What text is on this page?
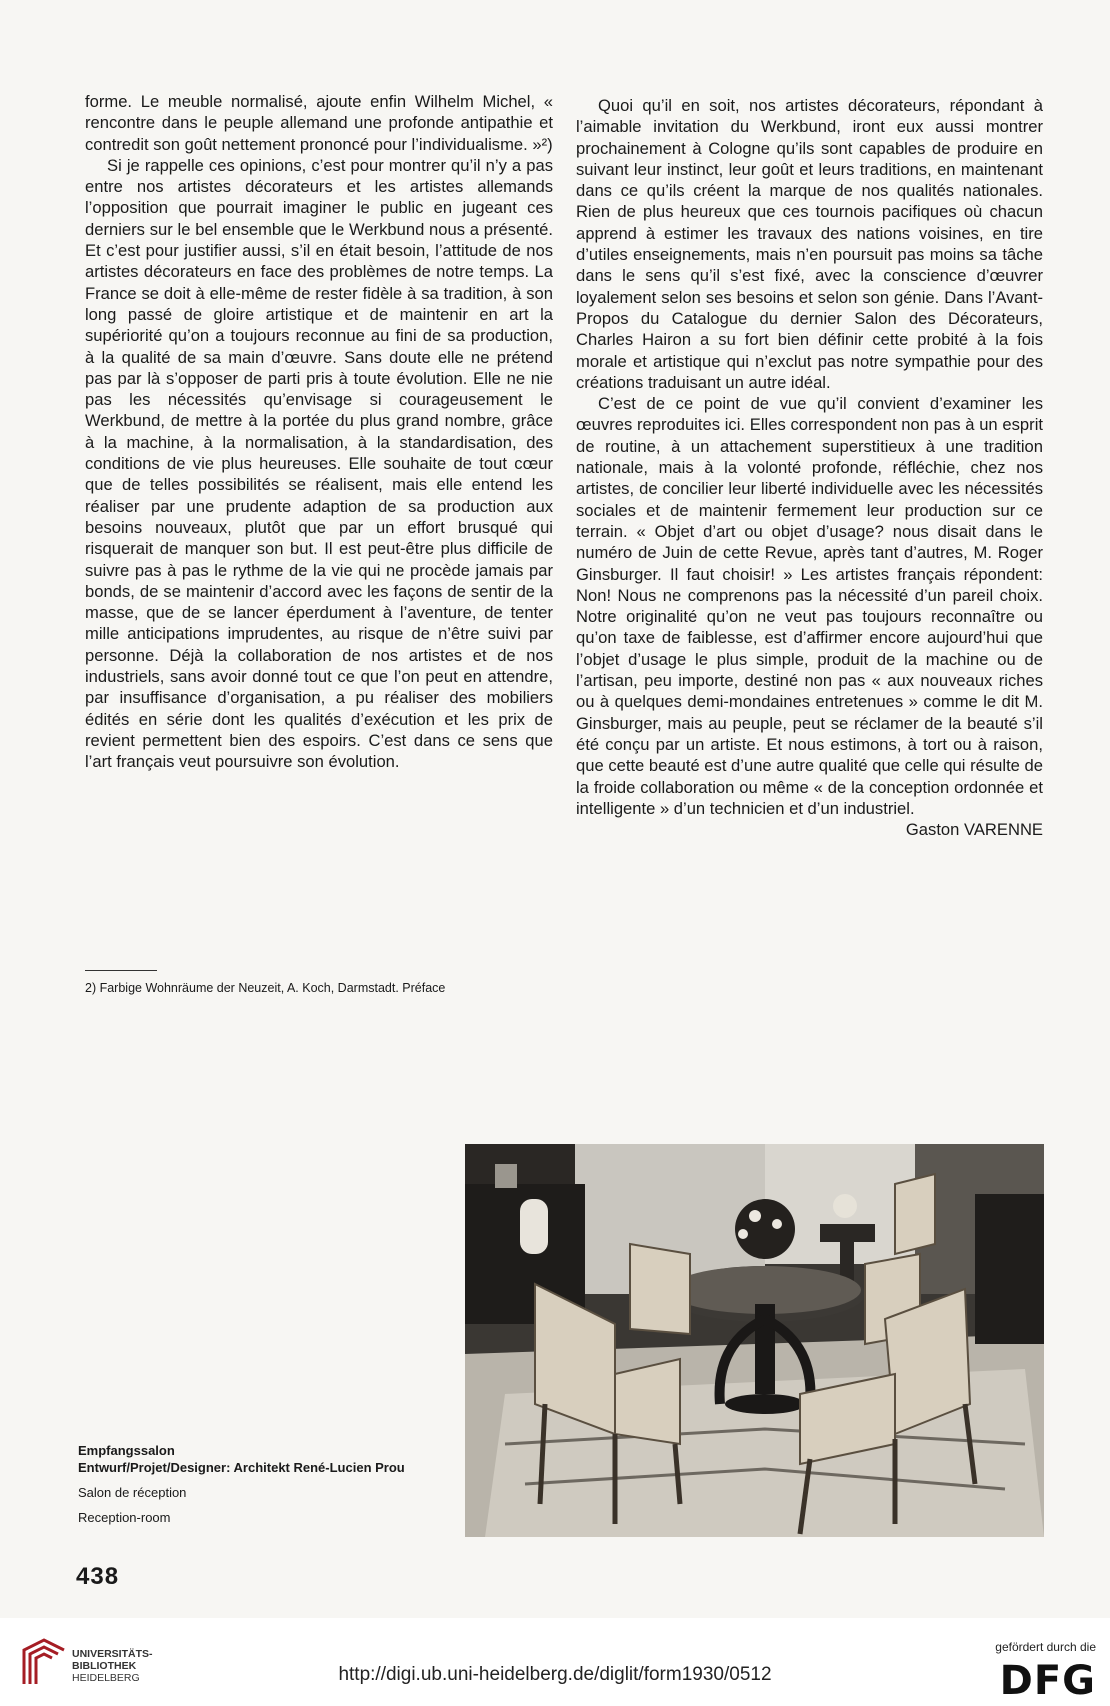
forme. Le meuble normalisé, ajoute enfin Wilhelm Michel, « rencontre dans le peuple allemand une profonde antipathie et contredit son goût nettement prononcé pour l’individualisme. »²)

Si je rappelle ces opinions, c’est pour montrer qu’il n’y a pas entre nos artistes décorateurs et les artistes allemands l’opposition que pourrait imaginer le public en jugeant ces derniers sur le bel ensemble que le Werkbund nous a présenté. Et c’est pour justifier aussi, s’il en était besoin, l’attitude de nos artistes décorateurs en face des problèmes de notre temps. La France se doit à elle-même de rester fidèle à sa tradition, à son long passé de gloire artistique et de maintenir en art la supériorité qu’on a toujours reconnue au fini de sa production, à la qualité de sa main d’œuvre. Sans doute elle ne prétend pas par là s’opposer de parti pris à toute évolution. Elle ne nie pas les nécessités qu’envisage si courageusement le Werkbund, de mettre à la portée du plus grand nombre, grâce à la machine, à la normalisation, à la standardisation, des conditions de vie plus heureuses. Elle souhaite de tout cœur que de telles possibilités se réalisent, mais elle entend les réaliser par une prudente adaption de sa production aux besoins nouveaux, plutôt que par un effort brusqué qui risquerait de manquer son but. Il est peut-être plus difficile de suivre pas à pas le rythme de la vie qui ne procède jamais par bonds, de se maintenir d’accord avec les façons de sentir de la masse, que de se lancer éperdument à l’aventure, de tenter mille anticipations imprudentes, au risque de n’être suivi par personne. Déjà la collaboration de nos artistes et de nos industriels, sans avoir donné tout ce que l’on peut en attendre, par insuffisance d’organisation, a pu réaliser des mobiliers édités en série dont les qualités d’exécution et les prix de revient permettent bien des espoirs. C’est dans ce sens que l’art français veut poursuivre son évolution.

Quoi qu’il en soit, nos artistes décorateurs, répondant à l’aimable invitation du Werkbund, iront eux aussi montrer prochainement à Cologne qu’ils sont capables de produire en suivant leur instinct, leur goût et leurs traditions, en maintenant dans ce qu’ils créent la marque de nos qualités nationales. Rien de plus heureux que ces tournois pacifiques où chacun apprend à estimer les travaux des nations voisines, en tire d’utiles enseignements, mais n’en poursuit pas moins sa tâche dans le sens qu’il s’est fixé, avec la conscience d’œuvrer loyalement selon ses besoins et selon son génie. Dans l’Avant-Propos du Catalogue du dernier Salon des Décorateurs, Charles Hairon a su fort bien définir cette probité à la fois morale et artistique qui n’exclut pas notre sympathie pour des créations traduisant un autre idéal.

C’est de ce point de vue qu’il convient d’examiner les œuvres reproduites ici. Elles correspondent non pas à un esprit de routine, à un attachement superstitieux à une tradition nationale, mais à la volonté profonde, réfléchie, chez nos artistes, de concilier leur liberté individuelle avec les nécessités sociales et de maintenir fermement leur production sur ce terrain. « Objet d’art ou objet d’usage? nous disait dans le numéro de Juin de cette Revue, après tant d’autres, M. Roger Ginsburger. Il faut choisir! » Les artistes français répondent: Non! Nous ne comprenons pas la nécessité d’un pareil choix. Notre originalité qu’on ne veut pas toujours reconnaître ou qu’on taxe de faiblesse, est d’affirmer encore aujourd’hui que l’objet d’usage le plus simple, produit de la machine ou de l’artisan, peu importe, destiné non pas « aux nouveaux riches ou à quelques demi-mondaines entretenues » comme le dit M. Ginsburger, mais au peuple, peut se réclamer de la beauté s’il été conçu par un artiste. Et nous estimons, à tort ou à raison, que cette beauté est d’une autre qualité que celle qui résulte de la froide collaboration ou même « de la conception ordonnée et intelligente » d’un technicien et d’un industriel.

Gaston VARENNE

2) Farbige Wohnräume der Neuzeit, A. Koch, Darmstadt. Préface
Empfangssalon
Entwurf/Projet/Designer: Architekt René-Lucien Prou
Salon de réception
Reception-room
438
UNIVERSITÄTS-
BIBLIOTHEK
HEIDELBERG	http://digi.ub.uni-heidelberg.de/diglit/form1930/0512
gefördert durch die
DFG
